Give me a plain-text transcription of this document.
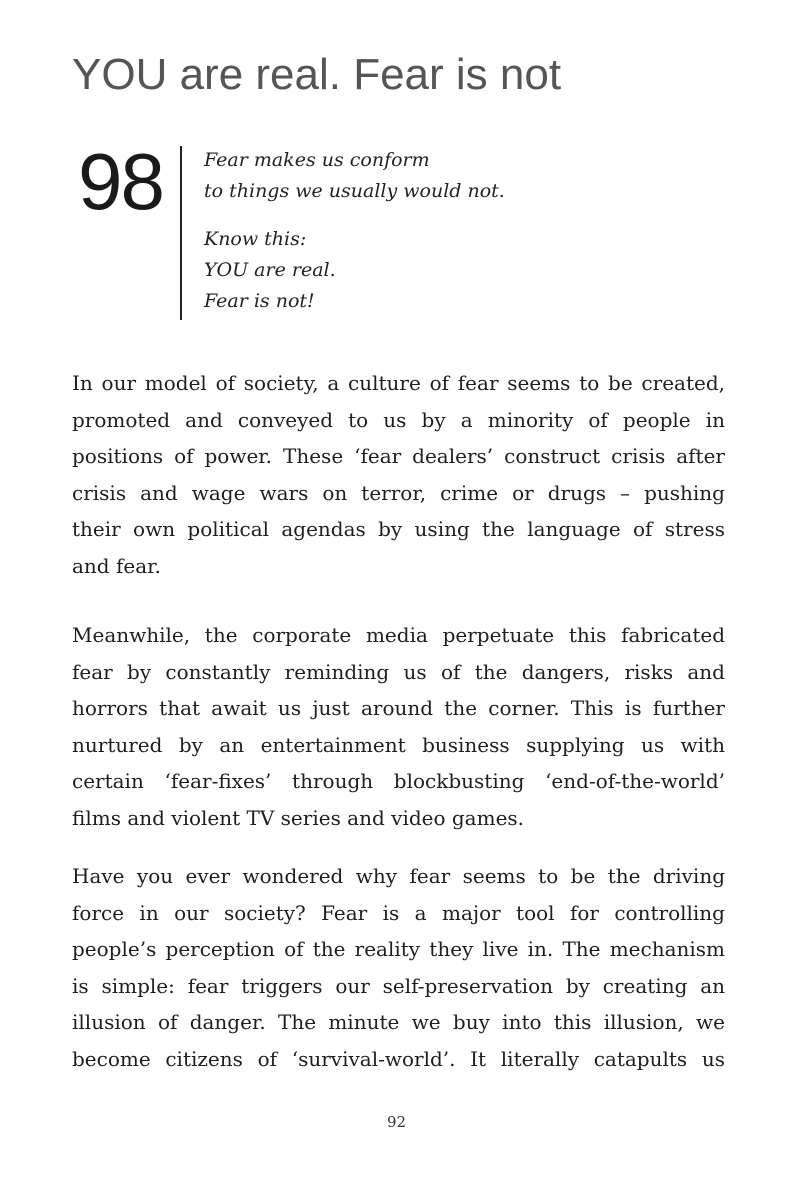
YOU are real. Fear is not
98 Fear makes us conform
to things we usually would not.
Know this:
YOU are real.
Fear is not!
In our model of society, a culture of fear seems to be created,
promoted and conveyed to us by a minority of people in
positions of power. These ‘fear dealers’ construct crisis after
crisis and wage wars on terror, crime or drugs – pushing
their own political agendas by using the language of stress
and fear.
Meanwhile, the corporate media perpetuate this fabricated
fear by constantly reminding us of the dangers, risks and
horrors that await us just around the corner. This is further
nurtured by an entertainment business supplying us with
certain ‘fear-fixes’ through blockbusting ‘end-of-the-world’
films and violent TV series and video games.
Have you ever wondered why fear seems to be the driving
force in our society? Fear is a major tool for controlling
people’s perception of the reality they live in. The mechanism
is simple: fear triggers our self-preservation by creating an
illusion of danger. The minute we buy into this illusion, we
become citizens of ‘survival-world’. It literally catapults us
92
